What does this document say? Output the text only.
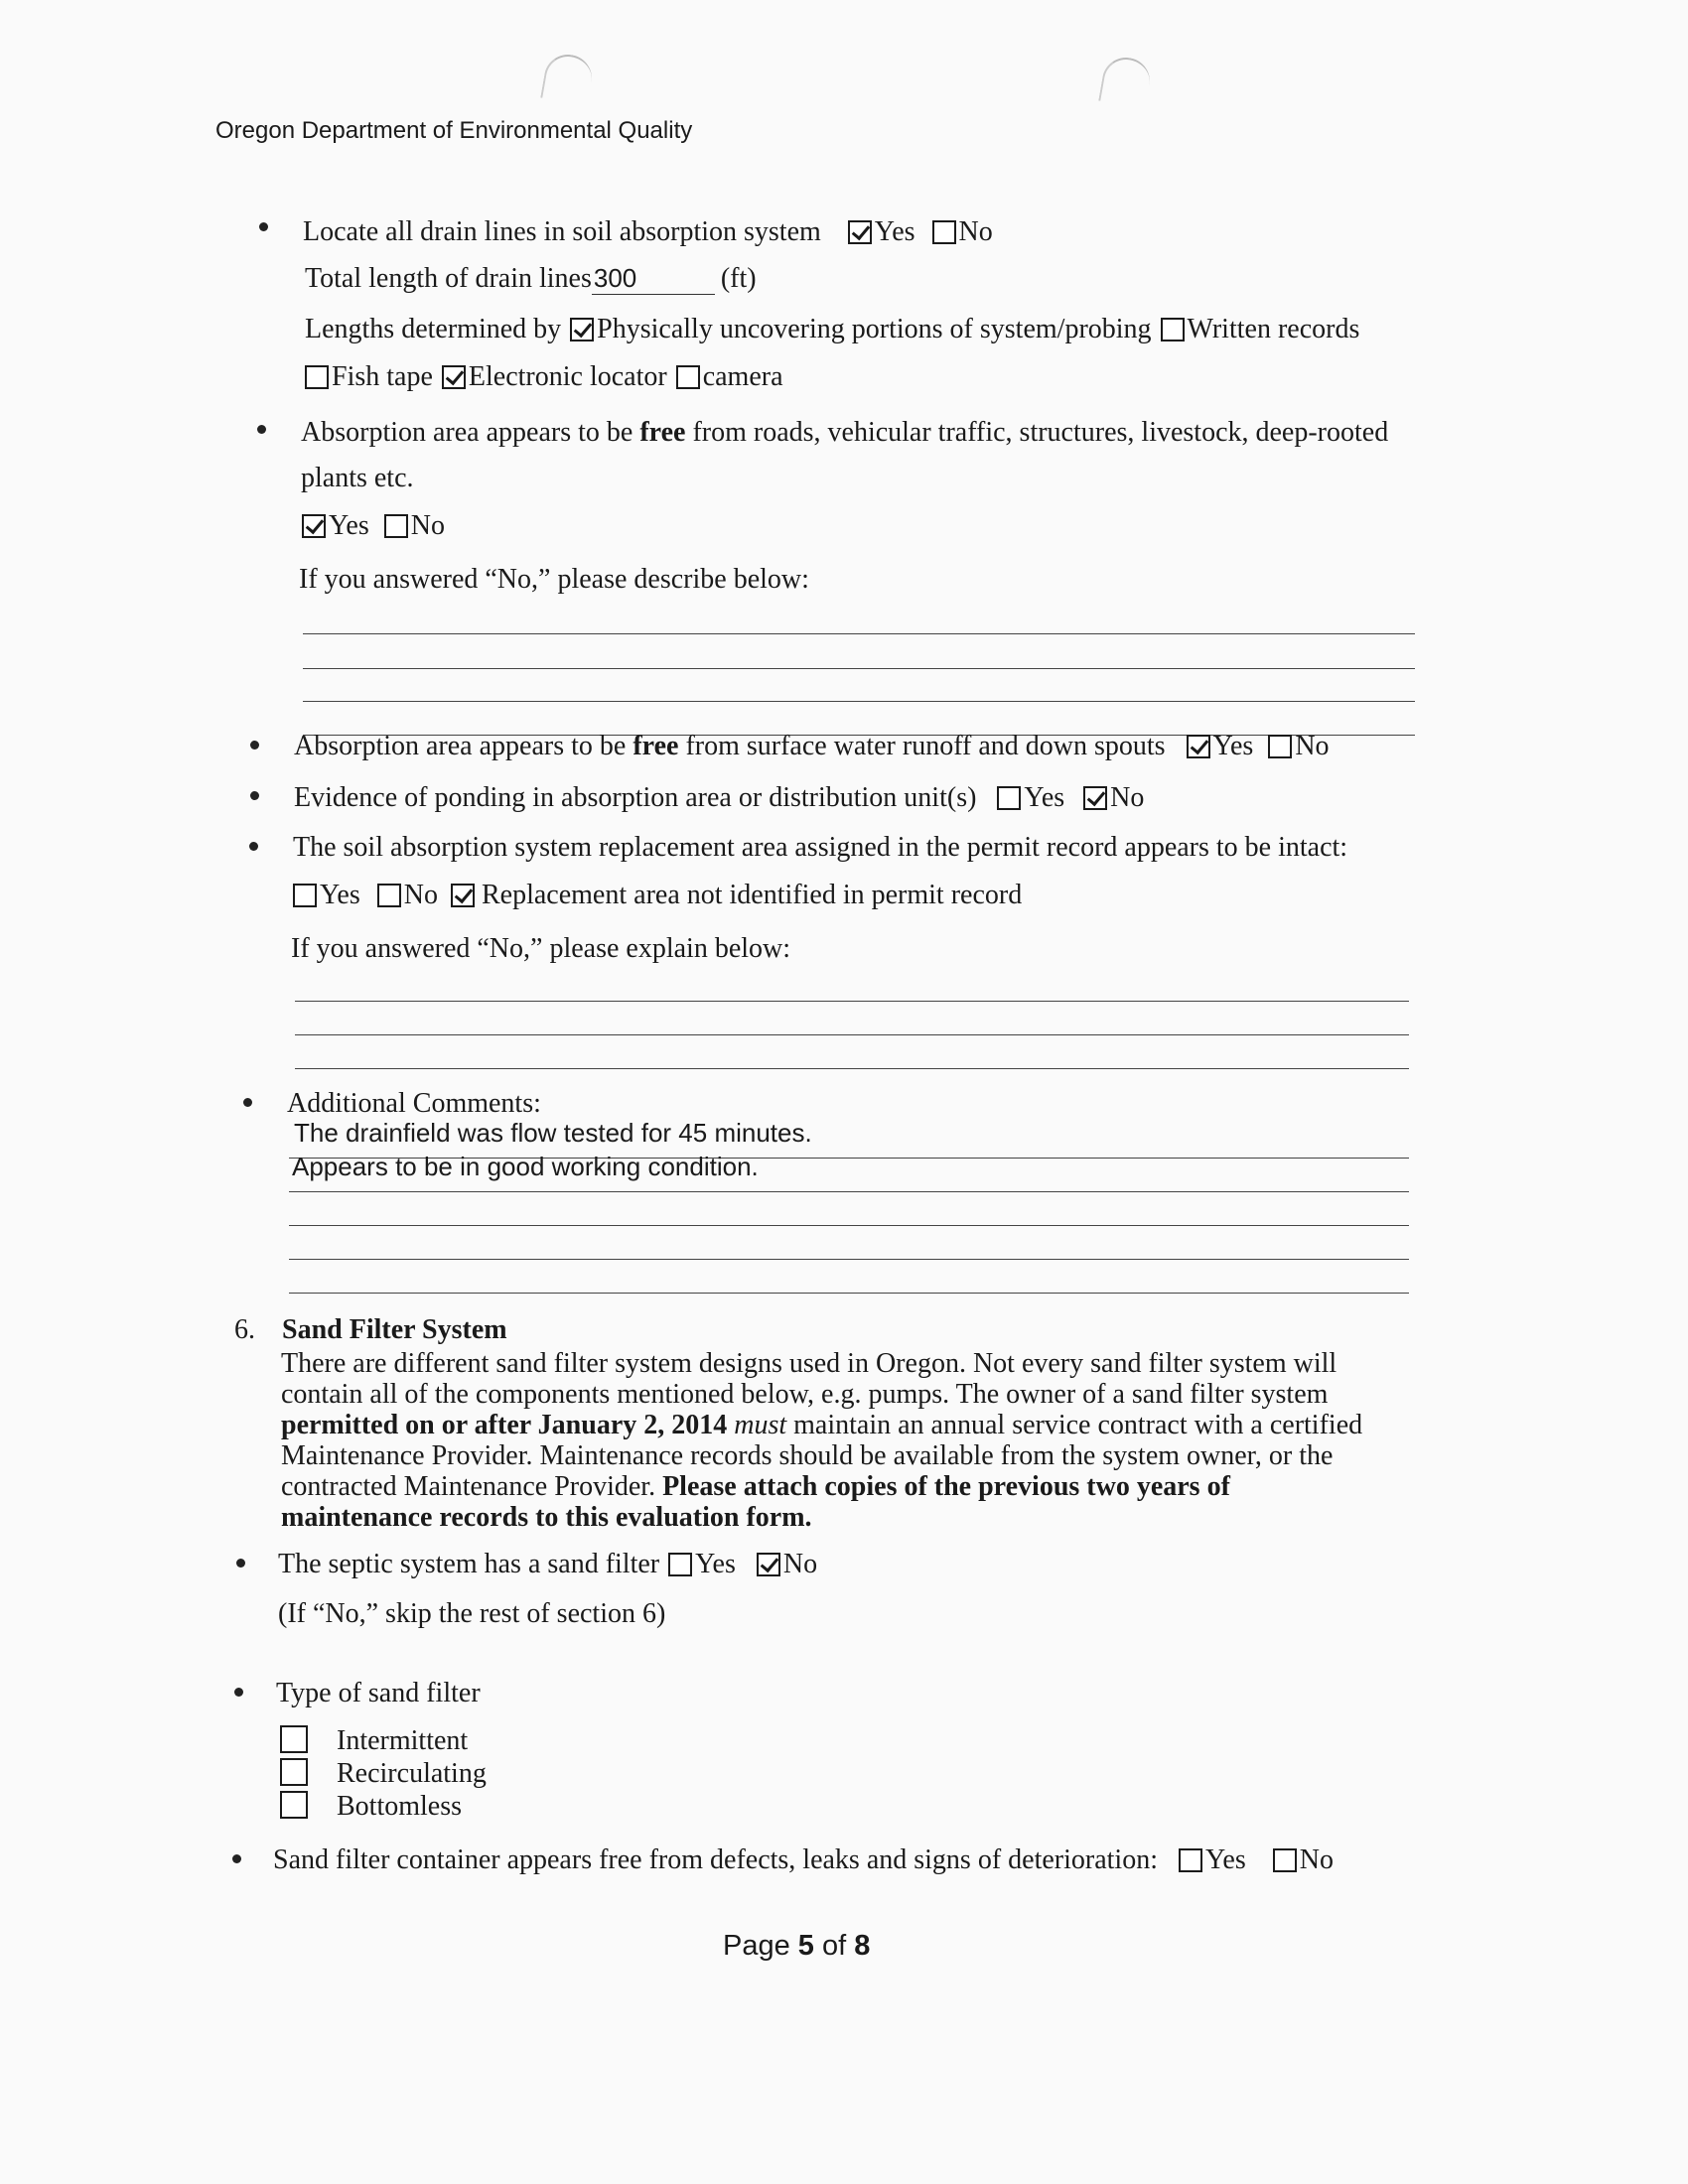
Oregon Department of Environmental Quality
Locate all drain lines in soil absorption system Yes No
Total length of drain lines300	(ft)
Lengths determined by Physically uncovering portions of system/probing Written records
Fish tape Electronic locator camera
Absorption area appears to be free from roads, vehicular traffic, structures, livestock, deep-rooted
plants etc.
Yes No
If you answered “No,” please describe below:
Absorption area appears to be free from surface water runoff and down spouts Yes No
Evidence of ponding in absorption area or distribution unit(s) Yes No
The soil absorption system replacement area assigned in the permit record appears to be intact:
Yes No Replacement area not identified in permit record
If you answered “No,” please explain below:
Additional Comments:
The drainfield was flow tested for 45 minutes.
Appears to be in good working condition.
6. Sand Filter System
There are different sand filter system designs used in Oregon. Not every sand filter system will
contain all of the components mentioned below, e.g. pumps. The owner of a sand filter system
permitted on or after January 2, 2014 must maintain an annual service contract with a certified
Maintenance Provider. Maintenance records should be available from the system owner, or the
contracted Maintenance Provider. Please attach copies of the previous two years of
maintenance records to this evaluation form.
The septic system has a sand filter Yes No
(If “No,” skip the rest of section 6)
Type of sand filter
Intermittent
Recirculating
Bottomless
Sand filter container appears free from defects, leaks and signs of deterioration: Yes No
Page 5 of 8
